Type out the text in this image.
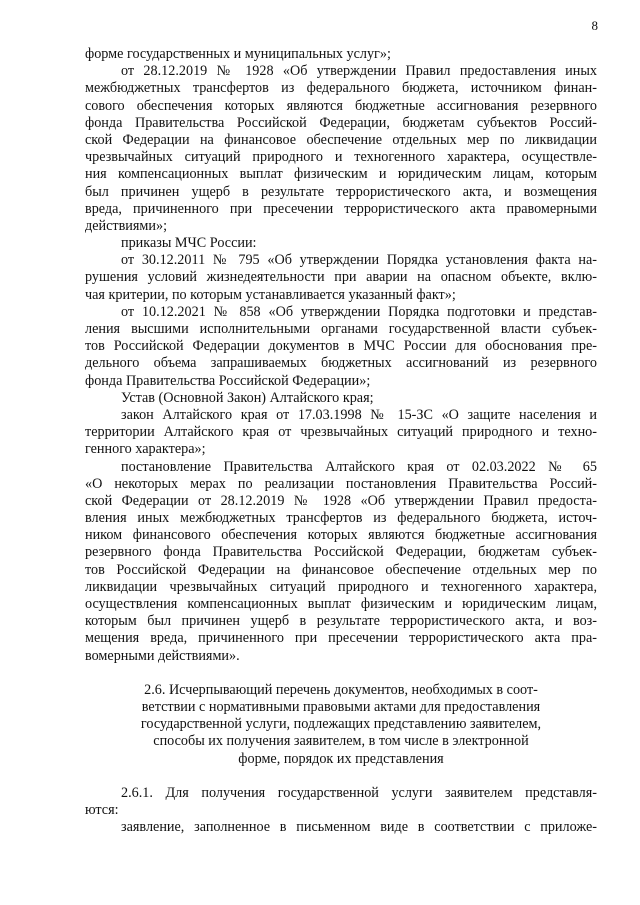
8
форме государственных и муниципальных услуг»;
от 28.12.2019 № 1928 «Об утверждении Правил предоставления иных
межбюджетных трансфертов из федерального бюджета, источником финан-
сового обеспечения которых являются бюджетные ассигнования резервного
фонда Правительства Российской Федерации, бюджетам субъектов Россий-
ской Федерации на финансовое обеспечение отдельных мер по ликвидации
чрезвычайных ситуаций природного и техногенного характера, осуществле-
ния компенсационных выплат физическим и юридическим лицам, которым
был причинен ущерб в результате террористического акта, и возмещения
вреда, причиненного при пресечении террористического акта правомерными
действиями»;
приказы МЧС России:
от 30.12.2011 № 795 «Об утверждении Порядка установления факта на-
рушения условий жизнедеятельности при аварии на опасном объекте, вклю-
чая критерии, по которым устанавливается указанный факт»;
от 10.12.2021 № 858 «Об утверждении Порядка подготовки и представ-
ления высшими исполнительными органами государственной власти субъек-
тов Российской Федерации документов в МЧС России для обоснования пре-
дельного объема запрашиваемых бюджетных ассигнований из резервного
фонда Правительства Российской Федерации»;
Устав (Основной Закон) Алтайского края;
закон Алтайского края от 17.03.1998 № 15-ЗС «О защите населения и
территории Алтайского края от чрезвычайных ситуаций природного и техно-
генного характера»;
постановление Правительства Алтайского края от 02.03.2022 № 65
«О некоторых мерах по реализации постановления Правительства Россий-
ской Федерации от 28.12.2019 № 1928 «Об утверждении Правил предоста-
вления иных межбюджетных трансфертов из федерального бюджета, источ-
ником финансового обеспечения которых являются бюджетные ассигнования
резервного фонда Правительства Российской Федерации, бюджетам субъек-
тов Российской Федерации на финансовое обеспечение отдельных мер по
ликвидации чрезвычайных ситуаций природного и техногенного характера,
осуществления компенсационных выплат физическим и юридическим лицам,
которым был причинен ущерб в результате террористического акта, и воз-
мещения вреда, причиненного при пресечении террористического акта пра-
вомерными действиями».
2.6. Исчерпывающий перечень документов, необходимых в соот-
ветствии с нормативными правовыми актами для предоставления
государственной услуги, подлежащих представлению заявителем,
способы их получения заявителем, в том числе в электронной
форме, порядок их представления
2.6.1. Для получения государственной услуги заявителем представля-
ются:
заявление, заполненное в письменном виде в соответствии с приложе-
